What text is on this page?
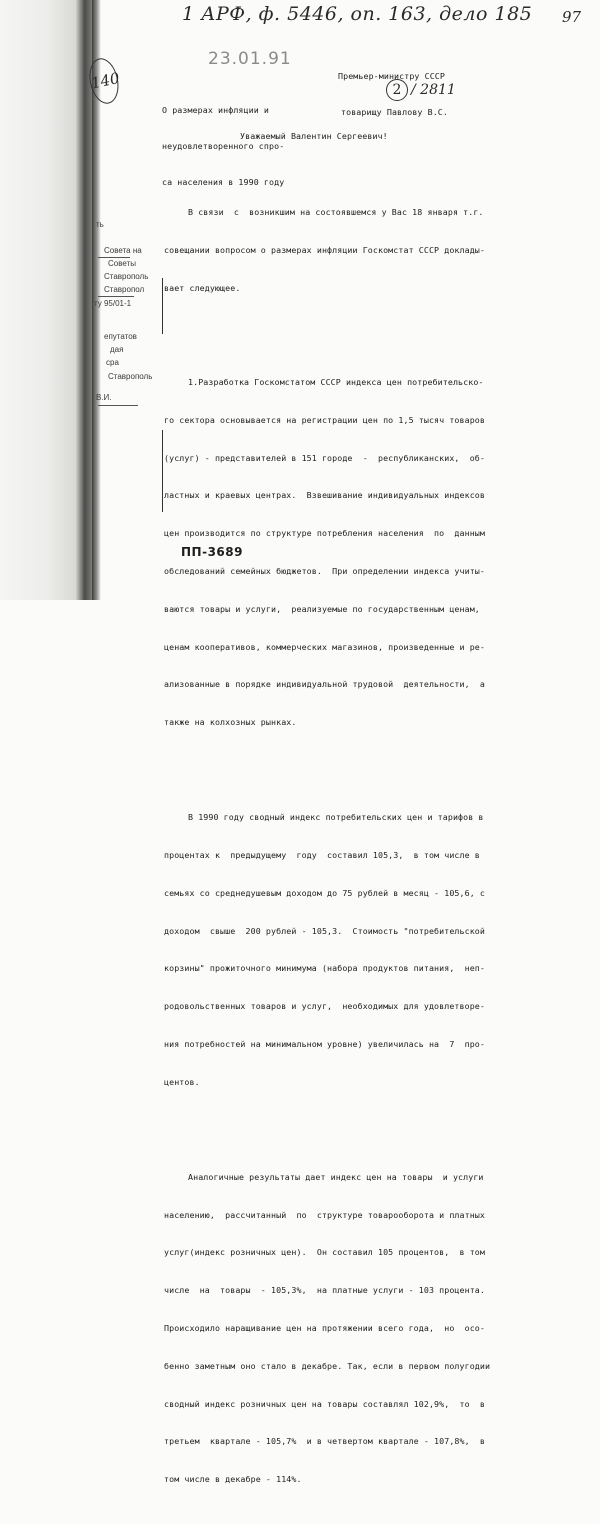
ть
Совета на
Советы
Ставрополь
Ставропол
ту 95/01-1
епутатов
дая
сра
Ставрополь
В.И.
1 АРФ, ф. 5446, оп. 163, дело 185 97
140
23.01.91
2 / 2811

Премьер-министру СССР

товарищу Павлову В.С.

О размерах инфляции и

неудовлетворенного спро-

са населения в 1990 году

Уважаемый Валентин Сергеевич!

В связи  с  возникшим на состоявшемся у Вас 18 января т.г.

совещании вопросом о размерах инфляции Госкомстат СССР доклады-

вает следующее.

1.Разработка Госкомстатом СССР индекса цен потребительско-

го сектора основывается на регистрации цен по 1,5 тысяч товаров

(услуг) - представителей в 151 городе  -  республиканских,  об-

ластных и краевых центрах.  Взвешивание индивидуальных индексов

цен производится по структуре потребления населения  по  данным

обследований семейных бюджетов.  При определении индекса учиты-

ваются товары и услуги,  реализуемые по государственным ценам,

ценам кооперативов, коммерческих магазинов, произведенные и ре-

ализованные в порядке индивидуальной трудовой  деятельности,  а

также на колхозных рынках.

В 1990 году сводный индекс потребительских цен и тарифов в

процентах к  предыдущему  году  составил 105,3,  в том числе в

семьях со среднедушевым доходом до 75 рублей в месяц - 105,6, с

доходом  свыше  200 рублей - 105,3.  Стоимость "потребительской

корзины" прожиточного минимума (набора продуктов питания,  неп-

родовольственных товаров и услуг,  необходимых для удовлетворе-

ния потребностей на минимальном уровне) увеличилась на  7  про-

центов.

Аналогичные результаты дает индекс цен на товары  и услуги

населению,  рассчитанный  по  структуре товарооборота и платных

услуг(индекс розничных цен).  Он составил 105 процентов,  в том

числе  на  товары  - 105,3%,  на платные услуги - 103 процента.

Происходило наращивание цен на протяжении всего года,  но  осо-

бенно заметным оно стало в декабре. Так, если в первом полугодии

сводный индекс розничных цен на товары составлял 102,9%,  то  в

третьем  квартале - 105,7%  и в четвертом квартале - 107,8%,  в

том числе в декабре - 114%.

ПП-3689
